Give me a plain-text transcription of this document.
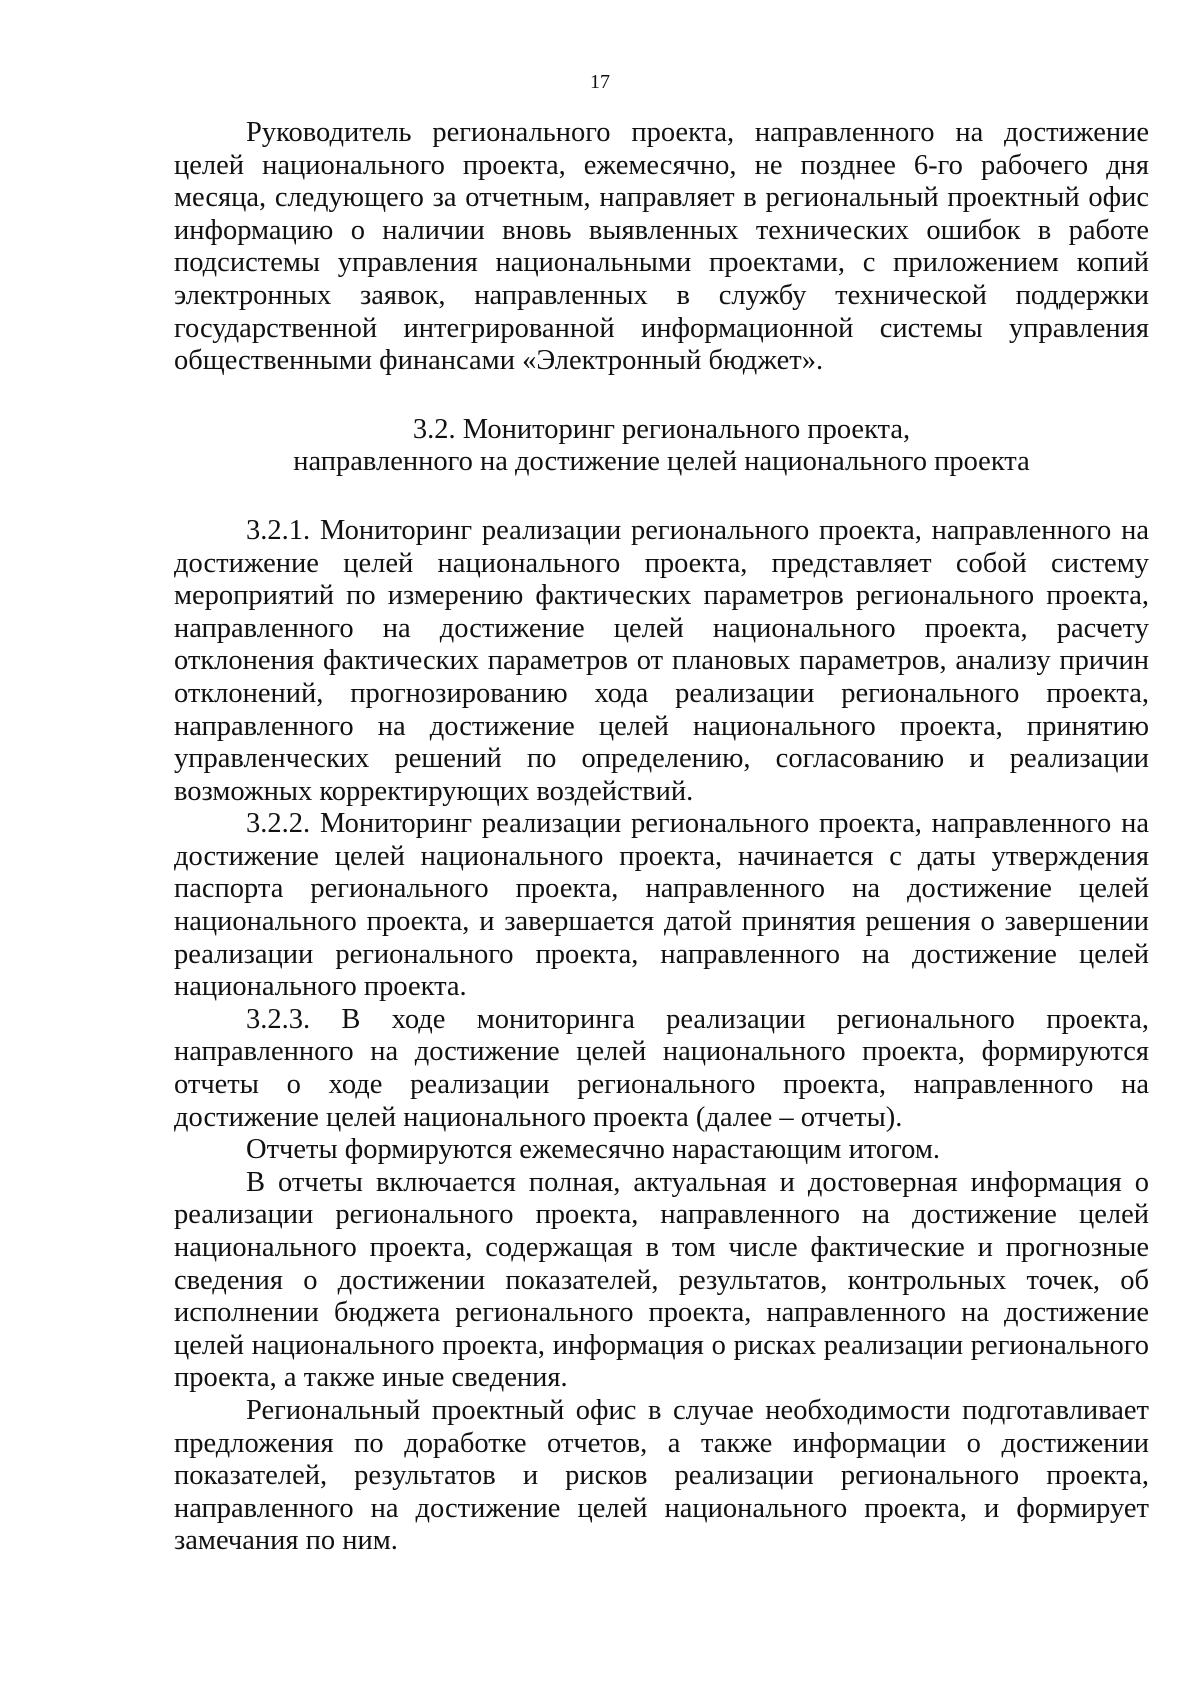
17

Руководитель регионального проекта, направленного на достижение целей национального проекта, ежемесячно, не позднее 6-го рабочего дня месяца, следующего за отчетным, направляет в региональный проектный офис информацию о наличии вновь выявленных технических ошибок в работе подсистемы управления национальными проектами, с приложением копий электронных заявок, направленных в службу технической поддержки государственной интегрированной информационной системы управления общественными финансами «Электронный бюджет».

3.2. Мониторинг регионального проекта,

направленного на достижение целей национального проекта

3.2.1. Мониторинг реализации регионального проекта, направленного на достижение целей национального проекта, представляет собой систему мероприятий по измерению фактических параметров регионального проекта, направленного на достижение целей национального проекта, расчету отклонения фактических параметров от плановых параметров, анализу причин отклонений, прогнозированию хода реализации регионального проекта, направленного на достижение целей национального проекта, принятию управленческих решений по определению, согласованию и реализации возможных корректирующих воздействий.

3.2.2. Мониторинг реализации регионального проекта, направленного на достижение целей национального проекта, начинается с даты утверждения паспорта регионального проекта, направленного на достижение целей национального проекта, и завершается датой принятия решения о завершении реализации регионального проекта, направленного на достижение целей национального проекта.

3.2.3. В ходе мониторинга реализации регионального проекта, направленного на достижение целей национального проекта, формируются отчеты о ходе реализации регионального проекта, направленного на достижение целей национального проекта (далее – отчеты).

Отчеты формируются ежемесячно нарастающим итогом.

В отчеты включается полная, актуальная и достоверная информация о реализации регионального проекта, направленного на достижение целей национального проекта, содержащая в том числе фактические и прогнозные сведения о достижении показателей, результатов, контрольных точек, об исполнении бюджета регионального проекта, направленного на достижение целей национального проекта, информация о рисках реализации регионального проекта, а также иные сведения.

Региональный проектный офис в случае необходимости подготавливает предложения по доработке отчетов, а также информации о достижении показателей, результатов и рисков реализации регионального проекта, направленного на достижение целей национального проекта, и формирует замечания по ним.
